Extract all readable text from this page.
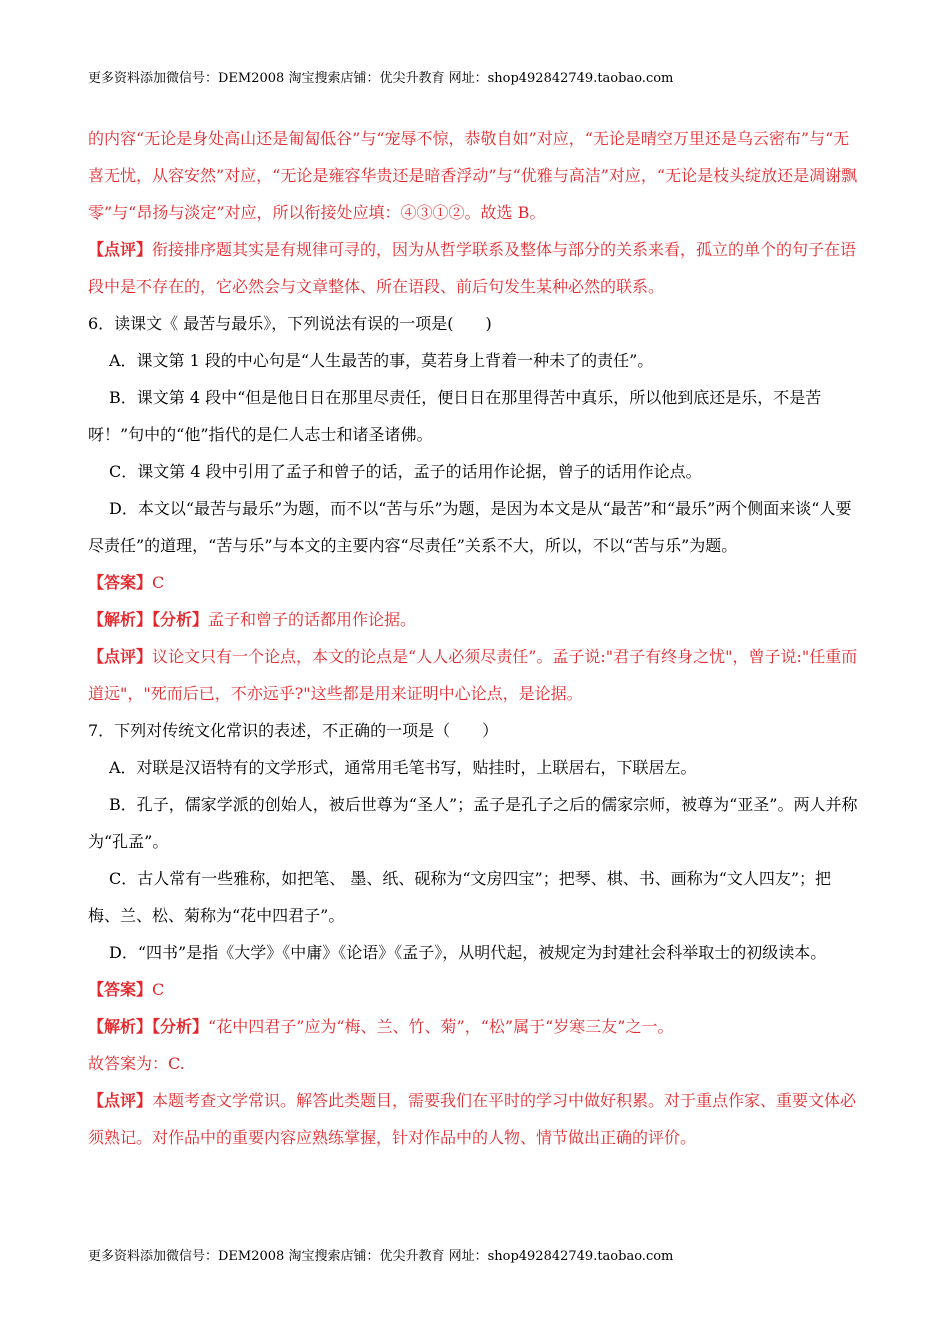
更多资料添加微信号：DEM2008 淘宝搜索店铺：优尖升教育 网址：shop492842749.taobao.com

的内容“无论是身处高山还是匍匐低谷”与“宠辱不惊，恭敬自如”对应，“无论是晴空万里还是乌云密布”与“无喜无忧，从容安然”对应，“无论是雍容华贵还是暗香浮动”与“优雅与高洁”对应，“无论是枝头绽放还是凋谢飘零”与“昂扬与淡定”对应，所以衔接处应填：④③①②。故选 B。

【点评】衔接排序题其实是有规律可寻的，因为从哲学联系及整体与部分的关系来看，孤立的单个的句子在语段中是不存在的，它必然会与文章整体、所在语段、前后句发生某种必然的联系。

6．读课文《 最苦与最乐》，下列说法有误的一项是(　　)

A．课文第 1 段的中心句是“人生最苦的事，莫若身上背着一种未了的责任”。

B．课文第 4 段中“但是他日日在那里尽责任，便日日在那里得苦中真乐，所以他到底还是乐，不是苦呀！”句中的“他”指代的是仁人志士和诸圣诸佛。

C．课文第 4 段中引用了孟子和曾子的话，孟子的话用作论据，曾子的话用作论点。

D．本文以“最苦与最乐”为题，而不以“苦与乐”为题，是因为本文是从“最苦”和“最乐”两个侧面来谈“人要尽责任”的道理，“苦与乐”与本文的主要内容“尽责任”关系不大，所以，不以“苦与乐”为题。

【答案】C

【解析】【分析】孟子和曾子的话都用作论据。

【点评】议论文只有一个论点，本文的论点是“人人必须尽责任”。孟子说:"君子有终身之忧"，曾子说:"任重而道远"，"死而后已，不亦远乎?"这些都是用来证明中心论点，是论据。

7．下列对传统文化常识的表述，不正确的一项是（　　）

A．对联是汉语特有的文学形式，通常用毛笔书写，贴挂时，上联居右，下联居左。

B．孔子，儒家学派的创始人，被后世尊为“圣人”；孟子是孔子之后的儒家宗师，被尊为“亚圣”。两人并称为“孔孟”。

C．古人常有一些雅称，如把笔、 墨、纸、砚称为“文房四宝”；把琴、棋、书、画称为“文人四友”；把梅、兰、松、菊称为“花中四君子”。

D．“四书”是指《大学》《中庸》《论语》《孟子》，从明代起，被规定为封建社会科举取士的初级读本。

【答案】C

【解析】【分析】“花中四君子”应为“梅、兰、竹、菊”，“松”属于“岁寒三友”之一。

故答案为：C.

【点评】本题考查文学常识。解答此类题目，需要我们在平时的学习中做好积累。对于重点作家、重要文体必须熟记。对作品中的重要内容应熟练掌握，针对作品中的人物、情节做出正确的评价。

更多资料添加微信号：DEM2008 淘宝搜索店铺：优尖升教育 网址：shop492842749.taobao.com
